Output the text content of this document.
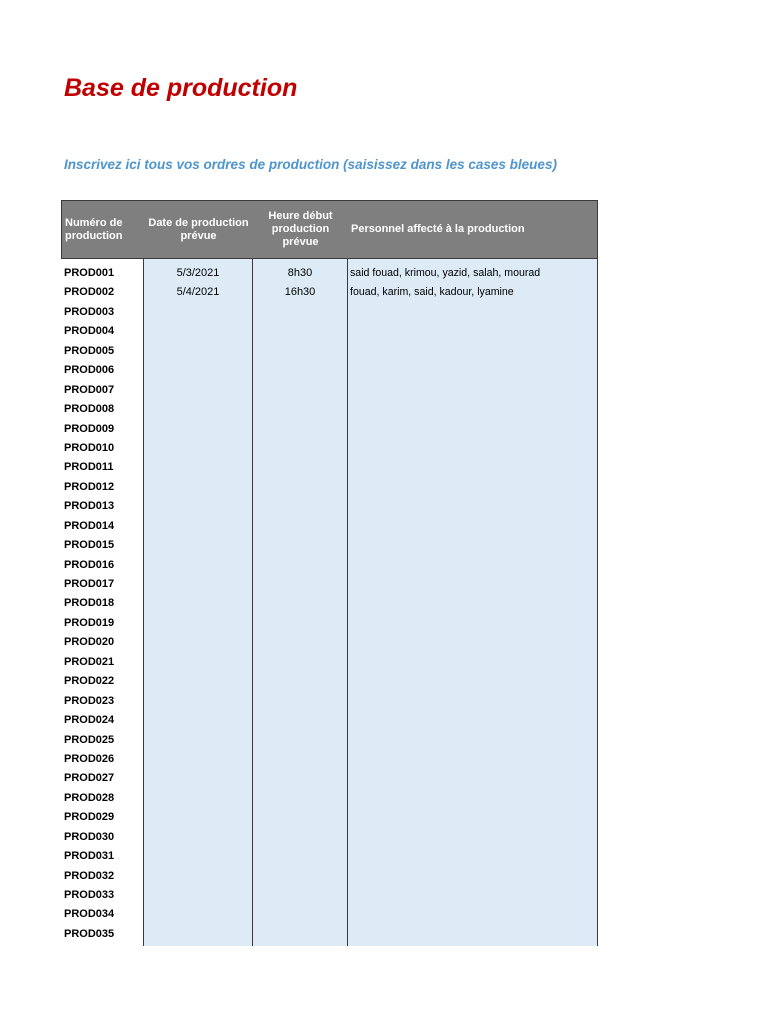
Base de production
Inscrivez ici tous vos ordres de production (saisissez dans les cases bleues)
Numéro de production
Date de production prévue
Heure début production prévue
Personnel affecté à la production
PROD001
PROD002
PROD003
PROD004
PROD005
PROD006
PROD007
PROD008
PROD009
PROD010
PROD011
PROD012
PROD013
PROD014
PROD015
PROD016
PROD017
PROD018
PROD019
PROD020
PROD021
PROD022
PROD023
PROD024
PROD025
PROD026
PROD027
PROD028
PROD029
PROD030
PROD031
PROD032
PROD033
PROD034
PROD035
5/3/2021
5/4/2021
8h30
16h30
said fouad, krimou, yazid, salah, mourad
fouad, karim, said, kadour, lyamine
